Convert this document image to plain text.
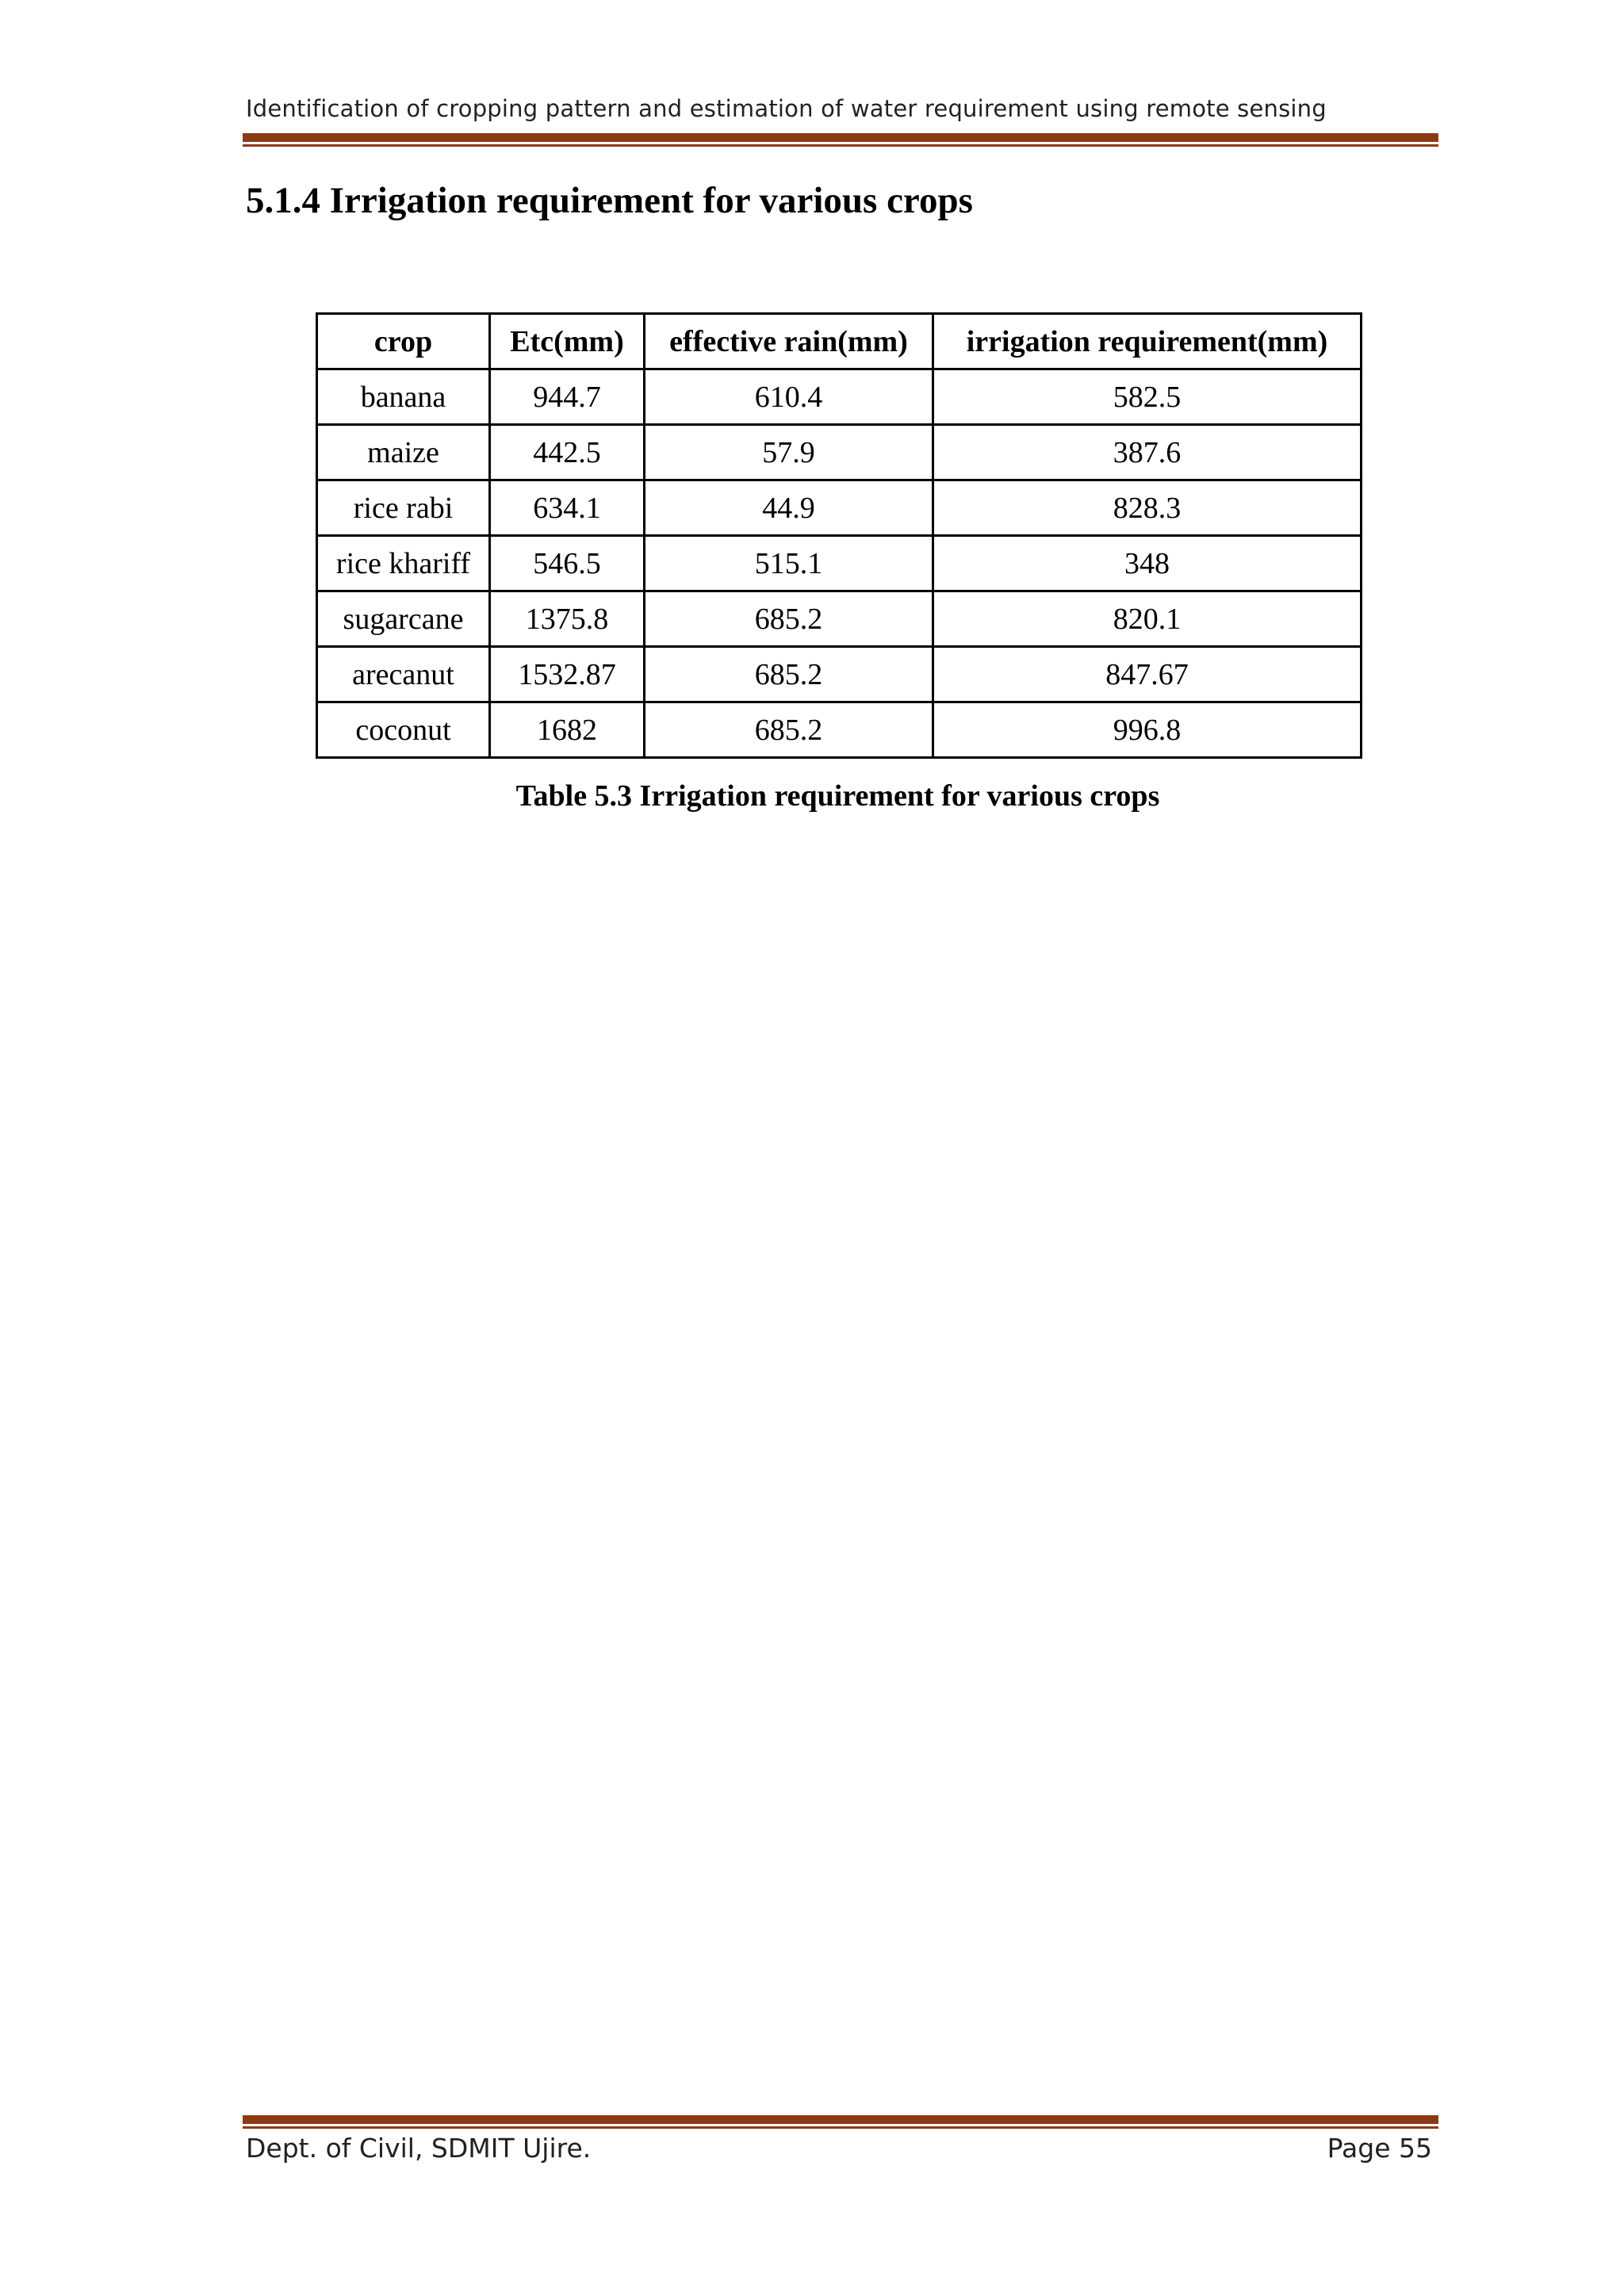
Identification of cropping pattern and estimation of water requirement using remote sensing
5.1.4 Irrigation requirement for various crops
crop	Etc(mm)	effective rain(mm)	irrigation requirement(mm)
banana	944.7	610.4	582.5
maize	442.5	57.9	387.6
rice rabi	634.1	44.9	828.3
rice khariff	546.5	515.1	348
sugarcane	1375.8	685.2	820.1
arecanut	1532.87	685.2	847.67
coconut	1682	685.2	996.8
Table 5.3 Irrigation requirement for various crops
Dept. of Civil, SDMIT Ujire.	Page 55
